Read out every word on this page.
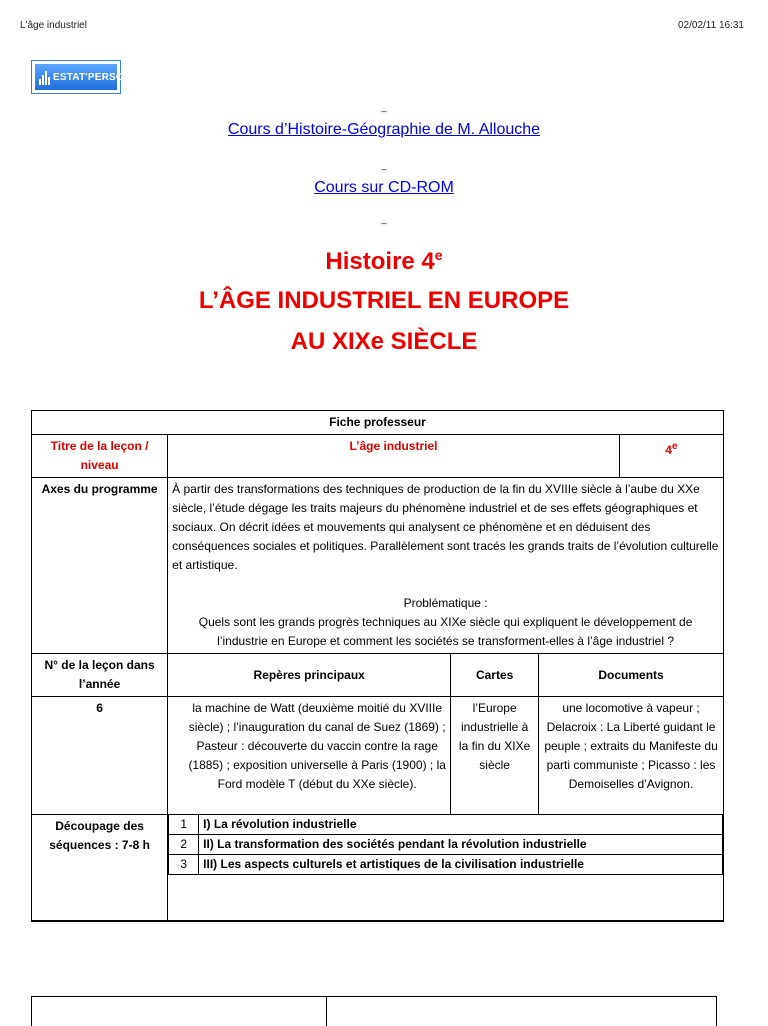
L'âge industriel	02/02/11 16:31
ESTAT'PERSOS
_
Cours d’Histoire-Géographie de M. Allouche
_
Cours sur CD-ROM
_
Histoire 4e
L’ÂGE INDUSTRIEL EN EUROPE
AU XIXe SIÈCLE
Fiche professeur
Titre de la leçon / niveau	L’âge industriel	4e
Axes du programme	À partir des transformations des techniques de production de la fin du XVIIIe siècle à l’aube du XXe siècle, l’étude dégage les traits majeurs du phénomène industriel et de ses effets géographiques et sociaux. On décrit idées et mouvements qui analysent ce phénomène et en déduisent des conséquences sociales et politiques. Parallèlement sont tracés les grands traits de l’évolution culturelle et artistique.
Problématique :
Quels sont les grands progrès techniques au XIXe siècle qui expliquent le développement de l’industrie en Europe et comment les sociétés se transforment-elles à l’âge industriel ?

N° de la leçon dans l’année	Repères principaux	Cartes	Documents
6	la machine de Watt (deuxième moitié du XVIIIe siècle) ; l’inauguration du canal de Suez (1869) ; Pasteur : découverte du vaccin contre la rage (1885) ; exposition universelle à Paris (1900) ; la Ford modèle T (début du XXe siècle).	l’Europe industrielle à la fin du XIXe siècle	une locomotive à vapeur ; Delacroix : La Liberté guidant le peuple ; extraits du Manifeste du parti communiste ; Picasso : les Demoiselles d’Avignon.
Découpage des séquences : 7-8 h	
1	I) La révolution industrielle
2	II) La transformation des sociétés pendant la révolution industrielle
3	III) Les aspects culturels et artistiques de la civilisation industrielle
